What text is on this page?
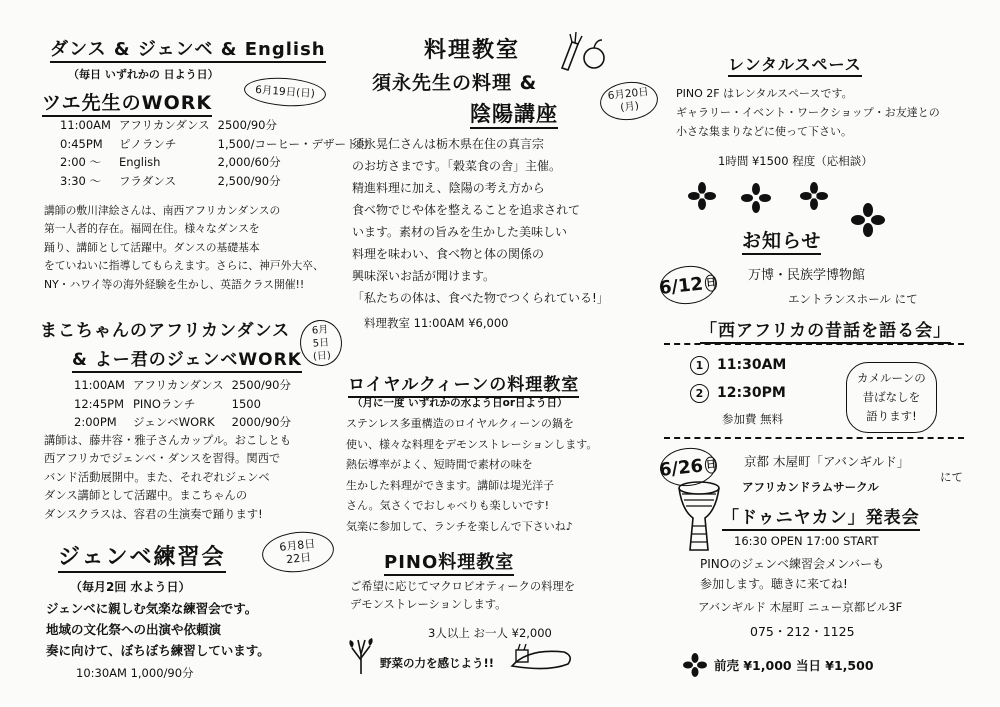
ダンス & ジェンベ & English
（毎日 いずれかの 日よう日）
ツエ先生のWORK
6月19日(日)
11:00AM	アフリカンダンス	2500/90分
0:45PM	ピノランチ	1,500/コーヒー・デザート付
2:00 ～	English	2,000/60分
3:30 ～	フラダンス	2,500/90分
講師の敷川津絵さんは、南西アフリカンダンスの
第一人者的存在。福岡在住。様々なダンスを
踊り、講師として活躍中。ダンスの基礎基本
をていねいに指導してもらえます。さらに、神戸外大卒、
NY・ハワイ等の海外経験を生かし、英語クラス開催!!
まこちゃんのアフリカンダンス
& よー君のジェンベWORK
6月
5日
(日)
11:00AM	アフリカンダンス	2500/90分
12:45PM	PINOランチ	1500
2:00PM	ジェンベWORK	2000/90分
講師は、藤井容・雅子さんカップル。おこしとも
西アフリカでジェンベ・ダンスを習得。関西で
バンド活動展開中。また、それぞれジェンベ
ダンス講師として活躍中。まこちゃんの
ダンスクラスは、容君の生演奏で踊ります!
ジェンベ練習会	6月8日
22日
（毎月2回 水よう日）
ジェンベに親しむ気楽な練習会です。
地域の文化祭への出演や依頼演
奏に向けて、ぼちぼち練習しています。
10:30AM 1,000/90分
料理教室
須永先生の料理 &
陰陽講座
6月20日
(月)
須永晃仁さんは栃木県在住の真言宗
のお坊さまです。「穀菜食の舎」主催。
精進料理に加え、陰陽の考え方から
食べ物でじや体を整えることを追求されて
います。素材の旨みを生かした美味しい
料理を味わい、食べ物と体の関係の
興味深いお話が聞けます。
「私たちの体は、食べた物でつくられている!」
料理教室 11:00AM ¥6,000
ロイヤルクィーンの料理教室
（月に一度 いずれかの水よう日or日よう日）
ステンレス多重構造のロイヤルクィーンの鍋を
使い、様々な料理をデモンストレーションします。
熱伝導率がよく、短時間で素材の味を
生かした料理ができます。講師は堤光洋子
さん。気さくでおしゃべりも楽しいです!
気楽に参加して、ランチを楽しんで下さいね♪
PINO料理教室
ご希望に応じてマクロビオティークの料理を
デモンストレーションします。
3人以上 お一人 ¥2,000
野菜の力を感じよう!!
レンタルスペース
PINO 2F はレンタルスペースです。
ギャラリー・イベント・ワークショップ・お友達との
小さな集まりなどに使って下さい。
1時間 ¥1500 程度（応相談）
お知らせ
6/12 日 万博・民族学博物館
エントランスホール にて
「西アフリカの昔話を語る会」
1 11:30AM
2 12:30PM
参加費 無料
カメルーンの
昔ばなしを
語ります!
6/26 日 京都 木屋町「アバンギルド」
にて
アフリカンドラムサークル
「ドゥニヤカン」発表会
16:30 OPEN 17:00 START
PINOのジェンベ練習会メンバーも
参加します。聴きに来てね!
アバンギルド 木屋町 ニュー京都ビル3F
075・212・1125
前売 ¥1,000 当日 ¥1,500
